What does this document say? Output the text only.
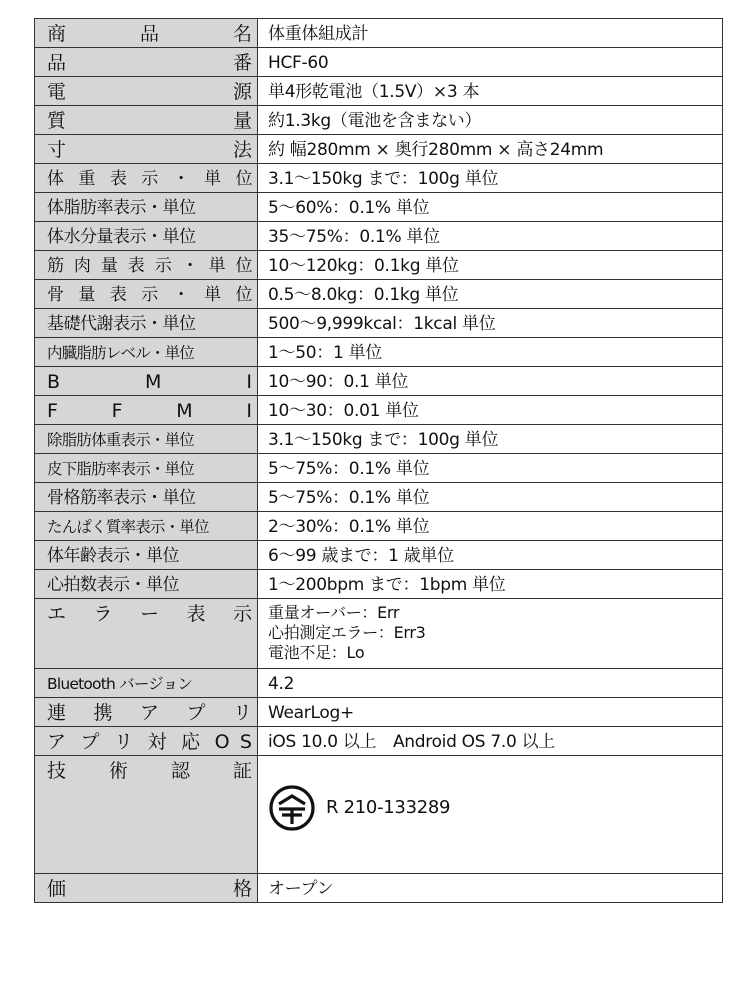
商　品　名	体重体組成計
品　　番	HCF-60
電　　源	単4形乾電池（1.5V）×3 本
質　　量	約1.3kg（電池を含まない）
寸　　法	約 幅280mm × 奥行280mm × 高さ24mm
体 重 表 示 ・ 単 位	3.1〜150kg まで：100g 単位
体脂肪率表示・単位	5〜60%：0.1% 単位
体水分量表示・単位	35〜75%：0.1% 単位
筋肉量表示・単位	10〜120kg：0.1kg 単位
骨 量 表 示 ・ 単 位	0.5〜8.0kg：0.1kg 単位
基礎代謝表示・単位	500〜9,999kcal：1kcal 単位
内臓脂肪レベル・単位	1〜50：1 単位
B　M　I	10〜90：0.1 単位
F　F　M　I	10〜30：0.01 単位
除脂肪体重表示・単位	3.1〜150kg まで：100g 単位
皮下脂肪率表示・単位	5〜75%：0.1% 単位
骨格筋率表示・単位	5〜75%：0.1% 単位
たんぱく質率表示・単位	2〜30%：0.1% 単位
体年齢表示・単位	6〜99 歳まで：1 歳単位
心拍数表示・単位	1〜200bpm まで：1bpm 単位
エ ラ ー 表 示	重量オーバー：Err
心拍測定エラー：Err3
電池不足：Lo

Bluetooth バージョン	4.2
連 携 ア プ リ	WearLog+
ア プ リ 対 応 O S	iOS 10.0 以上　Android OS 7.0 以上
技　術　認　証	R 210-133289

価　　格	オープン
